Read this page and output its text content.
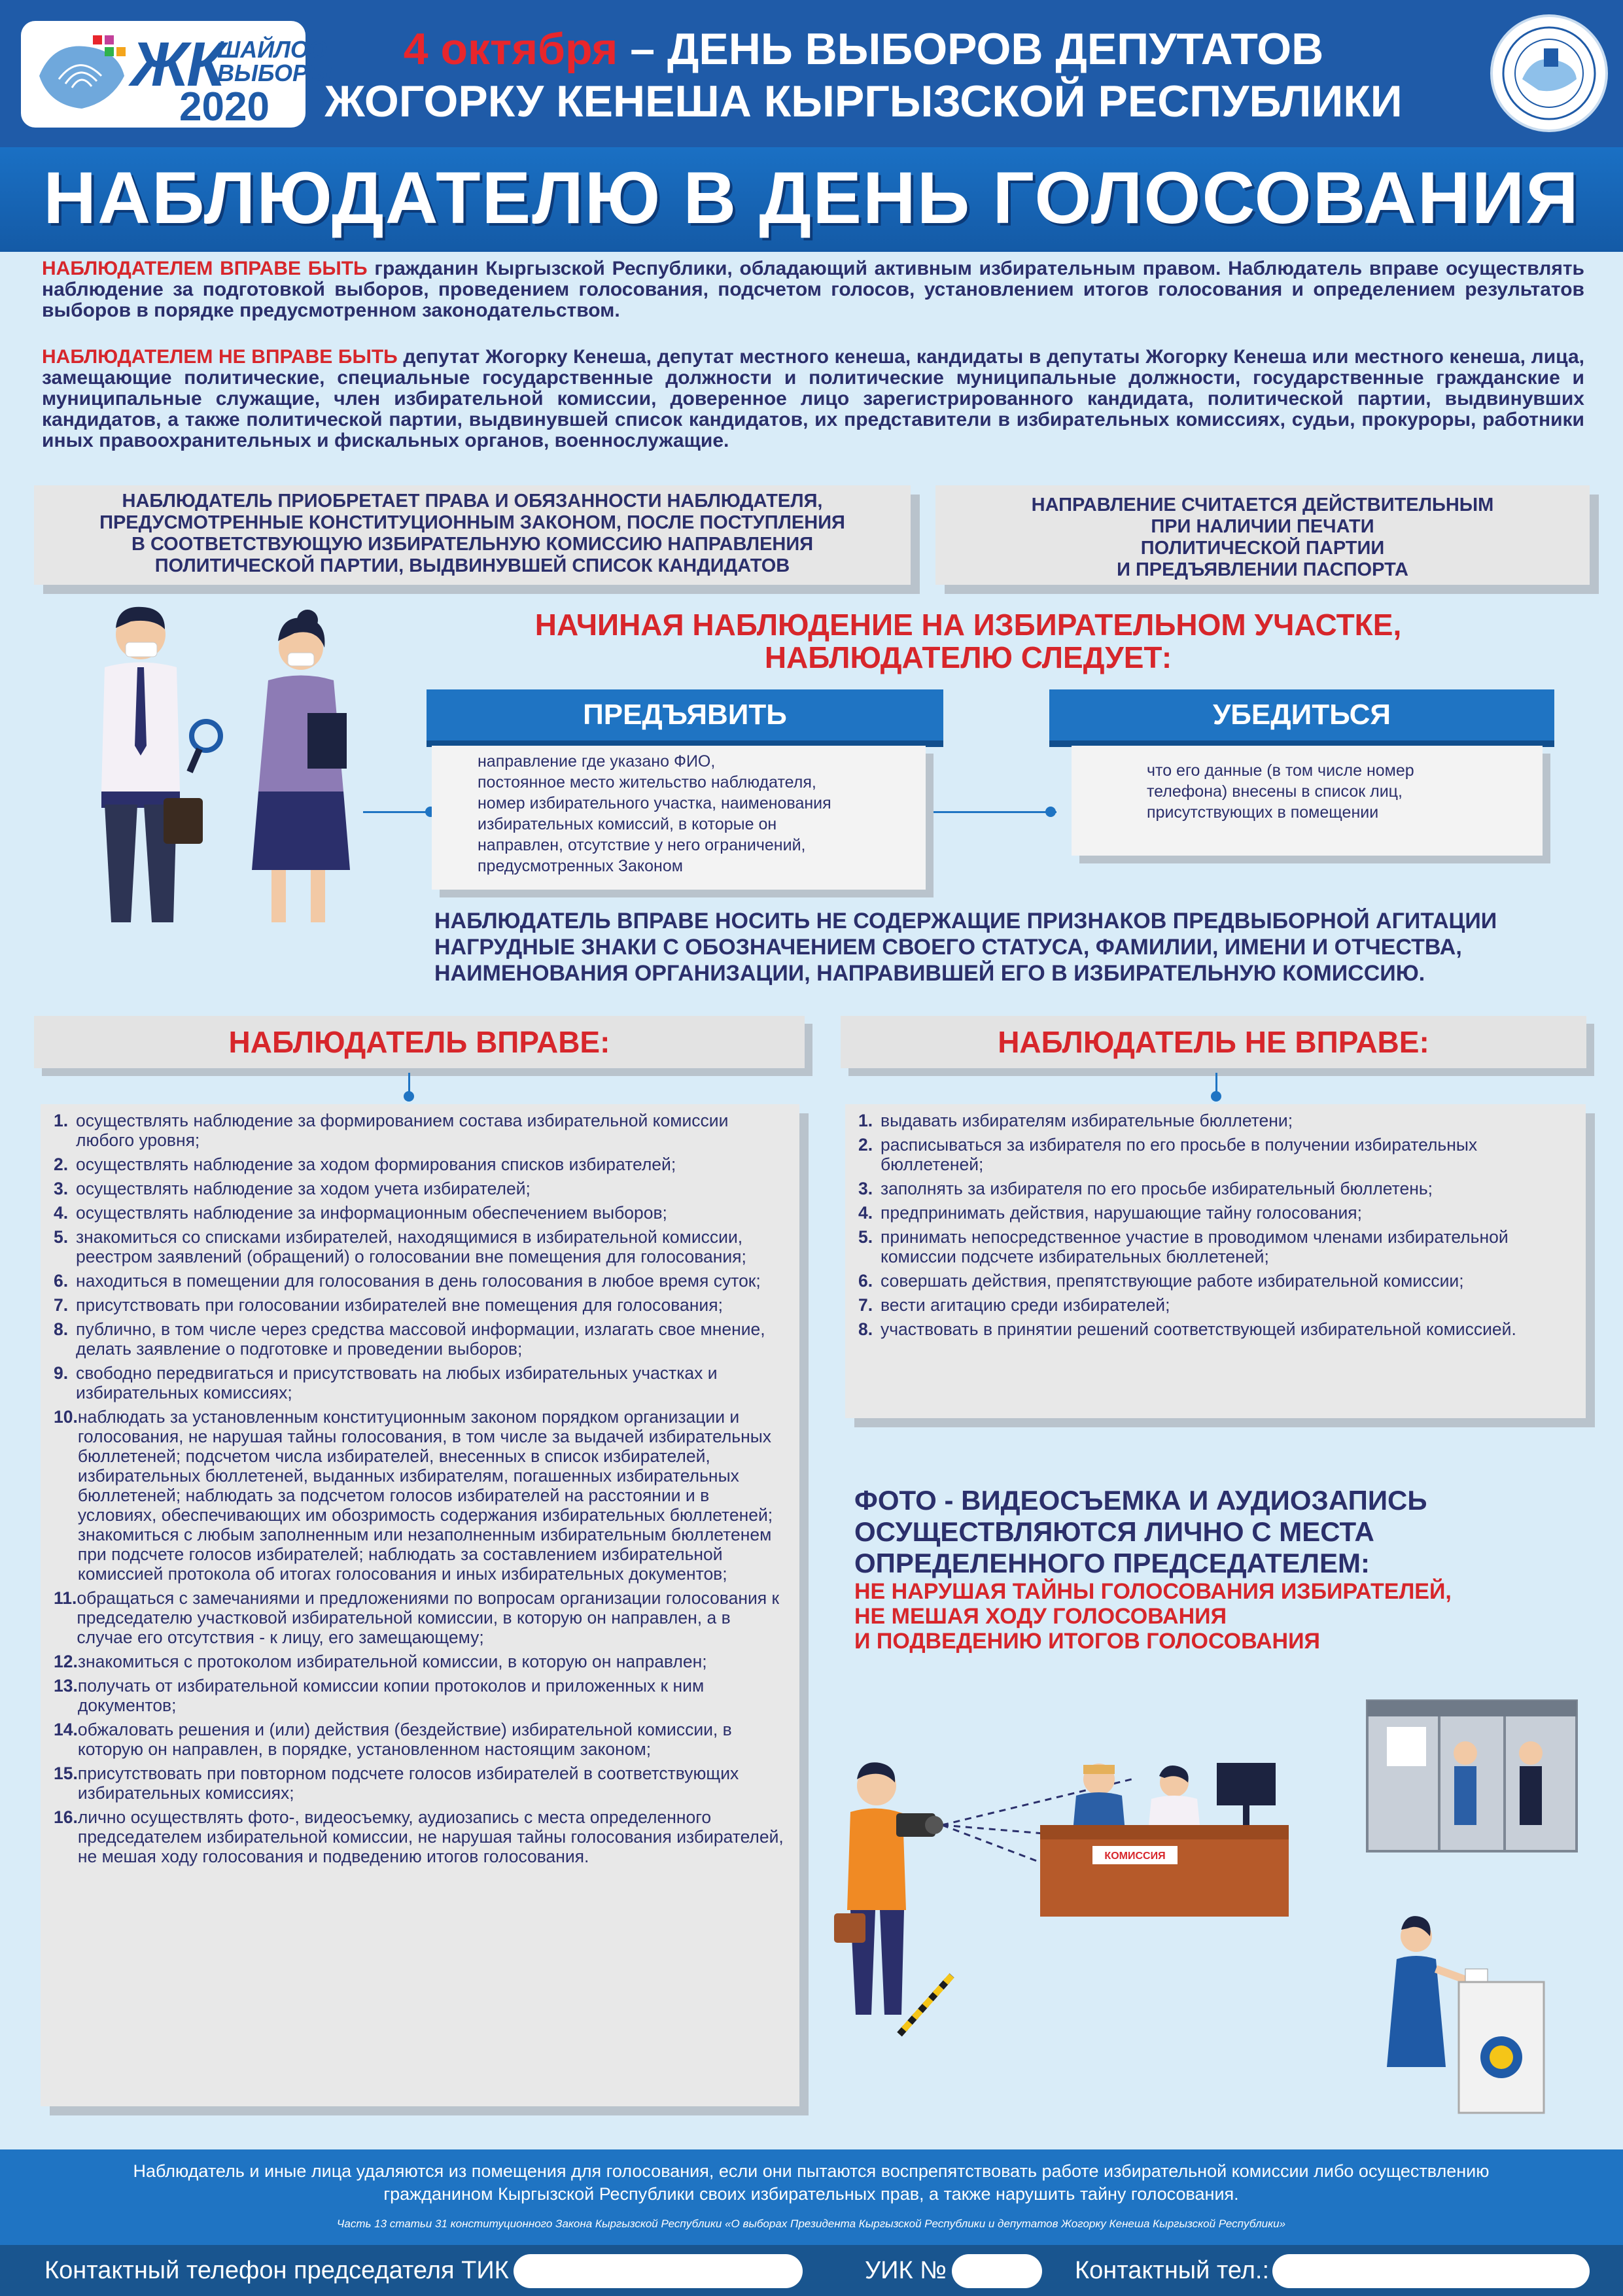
ЖК
ШАЙЛОО
ВЫБОРЫ
2020
4 октября – ДЕНЬ ВЫБОРОВ ДЕПУТАТОВ
ЖОГОРКУ КЕНЕША КЫРГЫЗСКОЙ РЕСПУБЛИКИ
НАБЛЮДАТЕЛЮ В ДЕНЬ ГОЛОСОВАНИЯ
НАБЛЮДАТЕЛЕМ ВПРАВЕ БЫТЬ гражданин Кыргызской Республики, обладающий активным избирательным правом. Наблюдатель вправе осуществлять наблюдение за подготовкой выборов, проведением голосования, подсчетом голосов, установлением итогов голосования и определением результатов выборов в порядке предусмотренном законодательством.
НАБЛЮДАТЕЛЕМ НЕ ВПРАВЕ БЫТЬ депутат Жогорку Кенеша, депутат местного кенеша, кандидаты в депутаты Жогорку Кенеша или местного кенеша, лица, замещающие политические, специальные государственные должности и политические муниципальные должности, государственные гражданские и муниципальные служащие, член избирательной комиссии, доверенное лицо зарегистрированного кандидата, политической партии, выдвинувших кандидатов, а также политической партии, выдвинувшей список кандидатов, их представители в избирательных комиссиях, судьи, прокуроры, работники иных правоохранительных и фискальных органов, военнослужащие.
НАБЛЮДАТЕЛЬ ПРИОБРЕТАЕТ ПРАВА И ОБЯЗАННОСТИ НАБЛЮДАТЕЛЯ,
ПРЕДУСМОТРЕННЫЕ КОНСТИТУЦИОННЫМ ЗАКОНОМ, ПОСЛЕ ПОСТУПЛЕНИЯ
В СООТВЕТСТВУЮЩУЮ ИЗБИРАТЕЛЬНУЮ КОМИССИЮ НАПРАВЛЕНИЯ
ПОЛИТИЧЕСКОЙ ПАРТИИ, ВЫДВИНУВШЕЙ СПИСОК КАНДИДАТОВ
НАПРАВЛЕНИЕ СЧИТАЕТСЯ ДЕЙСТВИТЕЛЬНЫМ
ПРИ НАЛИЧИИ ПЕЧАТИ
ПОЛИТИЧЕСКОЙ ПАРТИИ
И ПРЕДЪЯВЛЕНИИ ПАСПОРТА
НАЧИНАЯ НАБЛЮДЕНИЕ НА ИЗБИРАТЕЛЬНОМ УЧАСТКЕ,
НАБЛЮДАТЕЛЮ СЛЕДУЕТ:
ПРЕДЪЯВИТЬ	УБЕДИТЬСЯ
направление где указано ФИО,
постоянное место жительство наблюдателя,
номер избирательного участка, наименования
избирательных комиссий, в которые он
направлен, отсутствие у него ограничений,
предусмотренных Законом
что его данные (в том числе номер
телефона) внесены в список лиц,
присутствующих в помещении
НАБЛЮДАТЕЛЬ ВПРАВЕ НОСИТЬ НЕ СОДЕРЖАЩИЕ ПРИЗНАКОВ ПРЕДВЫБОРНОЙ АГИТАЦИИ
НАГРУДНЫЕ ЗНАКИ С ОБОЗНАЧЕНИЕМ СВОЕГО СТАТУСА, ФАМИЛИИ, ИМЕНИ И ОТЧЕСТВА,
НАИМЕНОВАНИЯ ОРГАНИЗАЦИИ, НАПРАВИВШЕЙ ЕГО В ИЗБИРАТЕЛЬНУЮ КОМИССИЮ.
НАБЛЮДАТЕЛЬ ВПРАВЕ:	НАБЛЮДАТЕЛЬ НЕ ВПРАВЕ:
1. осуществлять наблюдение за формированием состава избирательной комиссии любого уровня;
2. осуществлять наблюдение за ходом формирования списков избирателей;
3. осуществлять наблюдение за ходом учета избирателей;
4. осуществлять наблюдение за информационным обеспечением выборов;
5. знакомиться со списками избирателей, находящимися в избирательной комиссии, реестром заявлений (обращений) о голосовании вне помещения для голосования;
6. находиться в помещении для голосования в день голосования в любое время суток;
7. присутствовать при голосовании избирателей вне помещения для голосования;
8. публично, в том числе через средства массовой информации, излагать свое мнение, делать заявление о подготовке и проведении выборов;
9. свободно передвигаться и присутствовать на любых избирательных участках и избирательных комиссиях;
10. наблюдать за установленным конституционным законом порядком организации и голосования, не нарушая тайны голосования, в том числе за выдачей избирательных бюллетеней; подсчетом числа избирателей, внесенных в список избирателей, избирательных бюллетеней, выданных избирателям, погашенных избирательных бюллетеней; наблюдать за подсчетом голосов избирателей на расстоянии и в условиях, обеспечивающих им обозримость содержания избирательных бюллетеней; знакомиться с любым заполненным или незаполненным избирательным бюллетенем при подсчете голосов избирателей; наблюдать за составлением избирательной комиссией протокола об итогах голосования и иных избирательных документов;
11. обращаться с замечаниями и предложениями по вопросам организации голосования к председателю участковой избирательной комиссии, в которую он направлен, а в случае его отсутствия - к лицу, его замещающему;
12. знакомиться с протоколом избирательной комиссии, в которую он направлен;
13. получать от избирательной комиссии копии протоколов и приложенных к ним документов;
14. обжаловать решения и (или) действия (бездействие) избирательной комиссии, в которую он направлен, в порядке, установленном настоящим законом;
15. присутствовать при повторном подсчете голосов избирателей в соответствующих избирательных комиссиях;
16. лично осуществлять фото-, видеосъемку, аудиозапись с места определенного председателем избирательной комиссии, не нарушая тайны голосования избирателей, не мешая ходу голосования и подведению итогов голосования.
1. выдавать избирателям избирательные бюллетени;
2. расписываться за избирателя по его просьбе в получении избирательных бюллетеней;
3. заполнять за избирателя по его просьбе избирательный бюллетень;
4. предпринимать действия, нарушающие тайну голосования;
5. принимать непосредственное участие в проводимом членами избирательной комиссии подсчете избирательных бюллетеней;
6. совершать действия, препятствующие работе избирательной комиссии;
7. вести агитацию среди избирателей;
8. участвовать в принятии решений соответствующей избирательной комиссией.
ФОТО - ВИДЕОСЪЕМКА И АУДИОЗАПИСЬ
ОСУЩЕСТВЛЯЮТСЯ ЛИЧНО С МЕСТА
ОПРЕДЕЛЕННОГО ПРЕДСЕДАТЕЛЕМ:
НЕ НАРУШАЯ ТАЙНЫ ГОЛОСОВАНИЯ ИЗБИРАТЕЛЕЙ,
НЕ МЕШАЯ ХОДУ ГОЛОСОВАНИЯ
И ПОДВЕДЕНИЮ ИТОГОВ ГОЛОСОВАНИЯ
КОМИССИЯ
Наблюдатель и иные лица удаляются из помещения для голосования, если они пытаются воспрепятствовать работе избирательной комиссии либо осуществлению
гражданином Кыргызской Республики своих избирательных прав, а также нарушить тайну голосования.
Часть 13 статьи 31 конституционного Закона Кыргызской Республики «О выборах Президента Кыргызской Республики и депутатов Жогорку Кенеша Кыргызской Республики»
Контактный телефон председателя ТИК	УИК №	Контактный тел.:
